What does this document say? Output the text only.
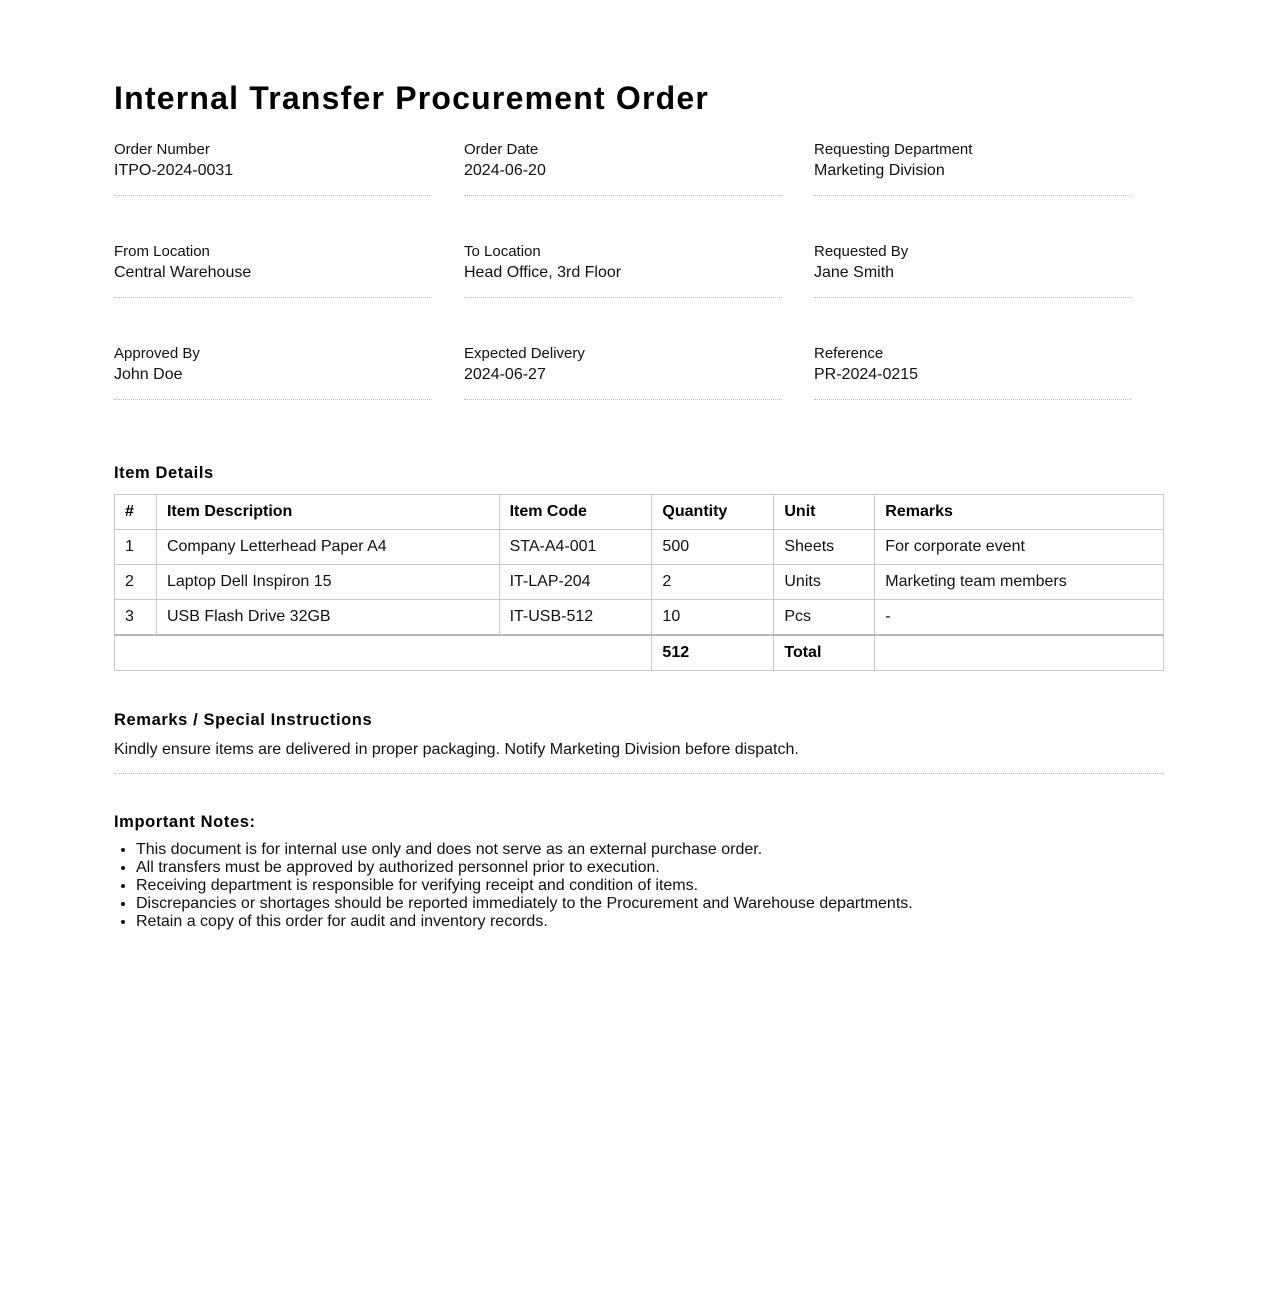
Internal Transfer Procurement Order
Order Number
ITPO-2024-0031
Order Date
2024-06-20
Requesting Department
Marketing Division
From Location
Central Warehouse
To Location
Head Office, 3rd Floor
Requested By
Jane Smith
Approved By
John Doe
Expected Delivery
2024-06-27
Reference
PR-2024-0215
Item Details
#	Item Description	Item Code	Quantity	Unit	Remarks
1	Company Letterhead Paper A4	STA-A4-001	500	Sheets	For corporate event
2	Laptop Dell Inspiron 15	IT-LAP-204	2	Units	Marketing team members
3	USB Flash Drive 32GB	IT-USB-512	10	Pcs	-
			512	Total	
Remarks / Special Instructions
Kindly ensure items are delivered in proper packaging. Notify Marketing Division before dispatch.
Important Notes:
• This document is for internal use only and does not serve as an external purchase order.
• All transfers must be approved by authorized personnel prior to execution.
• Receiving department is responsible for verifying receipt and condition of items.
• Discrepancies or shortages should be reported immediately to the Procurement and Warehouse departments.
• Retain a copy of this order for audit and inventory records.
